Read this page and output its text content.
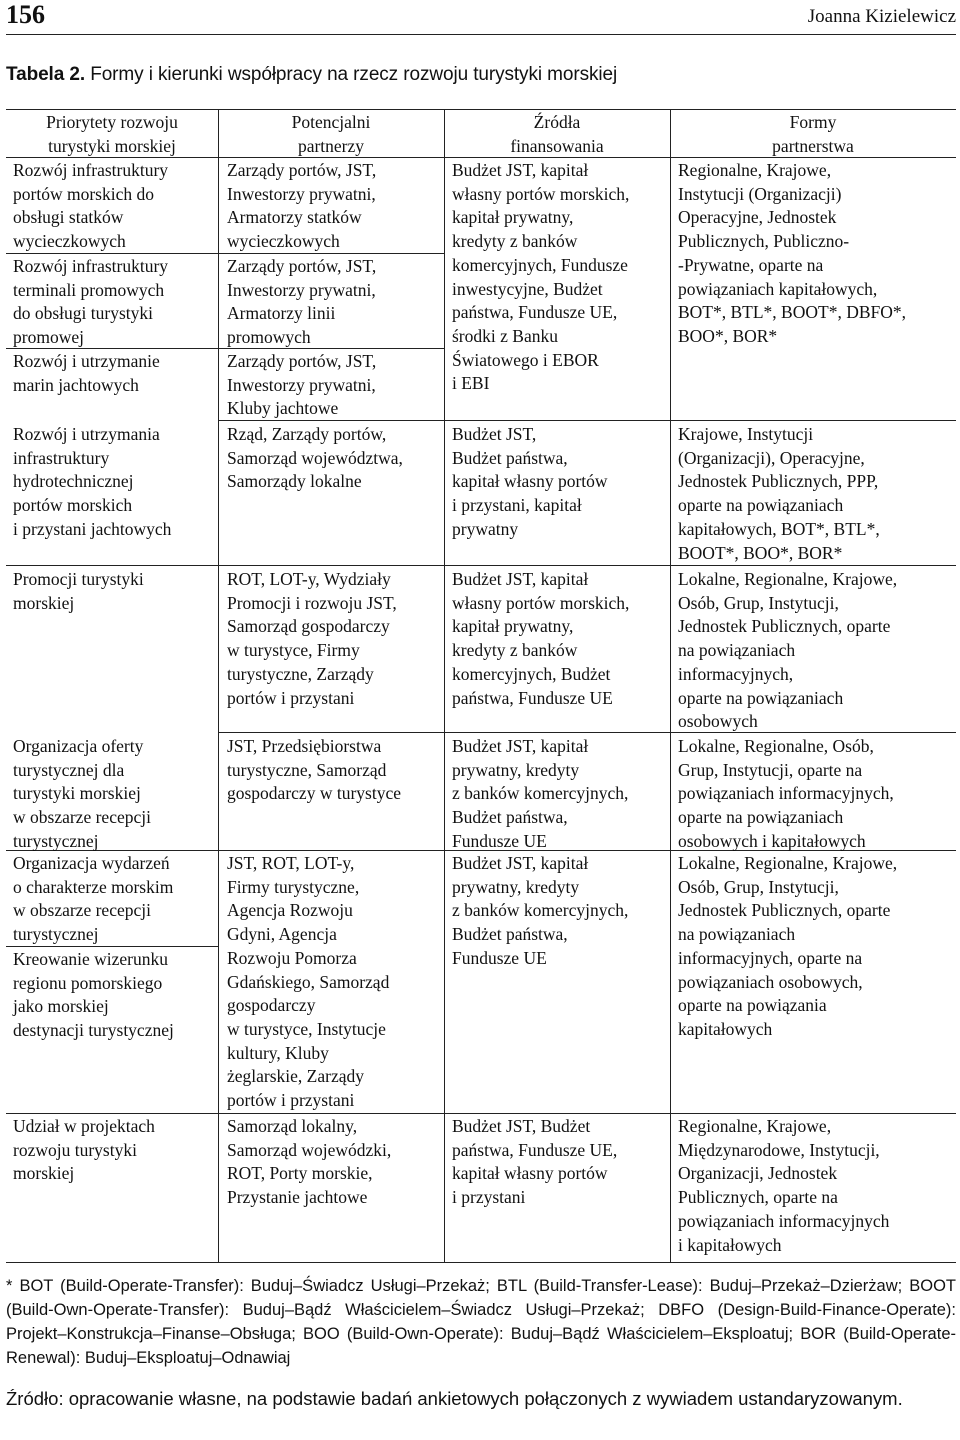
156	Joanna Kizielewicz
Tabela 2. Formy i kierunki współpracy na rzecz rozwoju turystyki morskiej
Priorytety rozwoju
turystyki morskiej
Potencjalni
partnerzy
Źródła
finansowania
Formy
partnerstwa
Rozwój infrastruktury
portów morskich do
obsługi statków
wycieczkowych
Rozwój infrastruktury
terminali promowych
do obsługi turystyki
promowej
Rozwój i utrzymanie
marin jachtowych
Rozwój i utrzymania
infrastruktury
hydrotechnicznej
portów morskich
i przystani jachtowych
Promocji turystyki
morskiej
Organizacja oferty
turystycznej dla
turystyki morskiej
w obszarze recepcji
turystycznej
Organizacja wydarzeń
o charakterze morskim
w obszarze recepcji
turystycznej
Kreowanie wizerunku
regionu pomorskiego
jako morskiej
destynacji turystycznej
Udział w projektach
rozwoju turystyki
morskiej
Zarządy portów, JST,
Inwestorzy prywatni,
Armatorzy statków
wycieczkowych
Zarządy portów, JST,
Inwestorzy prywatni,
Armatorzy linii
promowych
Zarządy portów, JST,
Inwestorzy prywatni,
Kluby jachtowe
Rząd, Zarządy portów,
Samorząd województwa,
Samorządy lokalne
ROT, LOT-y, Wydziały
Promocji i rozwoju JST,
Samorząd gospodarczy
w turystyce, Firmy
turystyczne, Zarządy
portów i przystani
JST, Przedsiębiorstwa
turystyczne, Samorząd
gospodarczy w turystyce
JST, ROT, LOT-y,
Firmy turystyczne,
Agencja Rozwoju
Gdyni, Agencja
Rozwoju Pomorza
Gdańskiego, Samorząd
gospodarczy
w turystyce, Instytucje
kultury, Kluby
żeglarskie, Zarządy
portów i przystani
Samorząd lokalny,
Samorząd wojewódzki,
ROT, Porty morskie,
Przystanie jachtowe
Budżet JST, kapitał
własny portów morskich,
kapitał prywatny,
kredyty z banków
komercyjnych, Fundusze
inwestycyjne, Budżet
państwa, Fundusze UE,
środki z Banku
Światowego i EBOR
i EBI
Budżet JST,
Budżet państwa,
kapitał własny portów
i przystani, kapitał
prywatny
Budżet JST, kapitał
własny portów morskich,
kapitał prywatny,
kredyty z banków
komercyjnych, Budżet
państwa, Fundusze UE
Budżet JST, kapitał
prywatny, kredyty
z banków komercyjnych,
Budżet państwa,
Fundusze UE
Budżet JST, kapitał
prywatny, kredyty
z banków komercyjnych,
Budżet państwa,
Fundusze UE
Budżet JST, Budżet
państwa, Fundusze UE,
kapitał własny portów
i przystani
Regionalne, Krajowe,
Instytucji (Organizacji)
Operacyjne, Jednostek
Publicznych, Publiczno-
-Prywatne, oparte na
powiązaniach kapitałowych,
BOT*, BTL*, BOOT*, DBFO*,
BOO*, BOR*
Krajowe, Instytucji
(Organizacji), Operacyjne,
Jednostek Publicznych, PPP,
oparte na powiązaniach
kapitałowych, BOT*, BTL*,
BOOT*, BOO*, BOR*
Lokalne, Regionalne, Krajowe,
Osób, Grup, Instytucji,
Jednostek Publicznych, oparte
na powiązaniach
informacyjnych,
oparte na powiązaniach
osobowych
Lokalne, Regionalne, Osób,
Grup, Instytucji, oparte na
powiązaniach informacyjnych,
oparte na powiązaniach
osobowych i kapitałowych
Lokalne, Regionalne, Krajowe,
Osób, Grup, Instytucji,
Jednostek Publicznych, oparte
na powiązaniach
informacyjnych, oparte na
powiązaniach osobowych,
oparte na powiązania
kapitałowych
Regionalne, Krajowe,
Międzynarodowe, Instytucji,
Organizacji, Jednostek
Publicznych, oparte na
powiązaniach informacyjnych
i kapitałowych
* BOT (Build-Operate-Transfer): Buduj–Świadcz Usługi–Przekaż; BTL (Build-Transfer-Lease): Buduj–Przekaż–Dzierżaw; BOOT (Build-Own-Operate-Transfer): Buduj–Bądź Właścicielem–Świadcz Usługi–Przekaż; DBFO (Design-Build-Finance-Operate): Projekt–Konstrukcja–Finanse–Obsługa; BOO (Build-Own-Operate): Buduj–Bądź Właścicielem–Eksploatuj; BOR (Build-Operate-Renewal): Buduj–Eksploatuj–Odnawiaj
Źródło: opracowanie własne, na podstawie badań ankietowych połączonych z wywiadem ustandaryzowanym.
